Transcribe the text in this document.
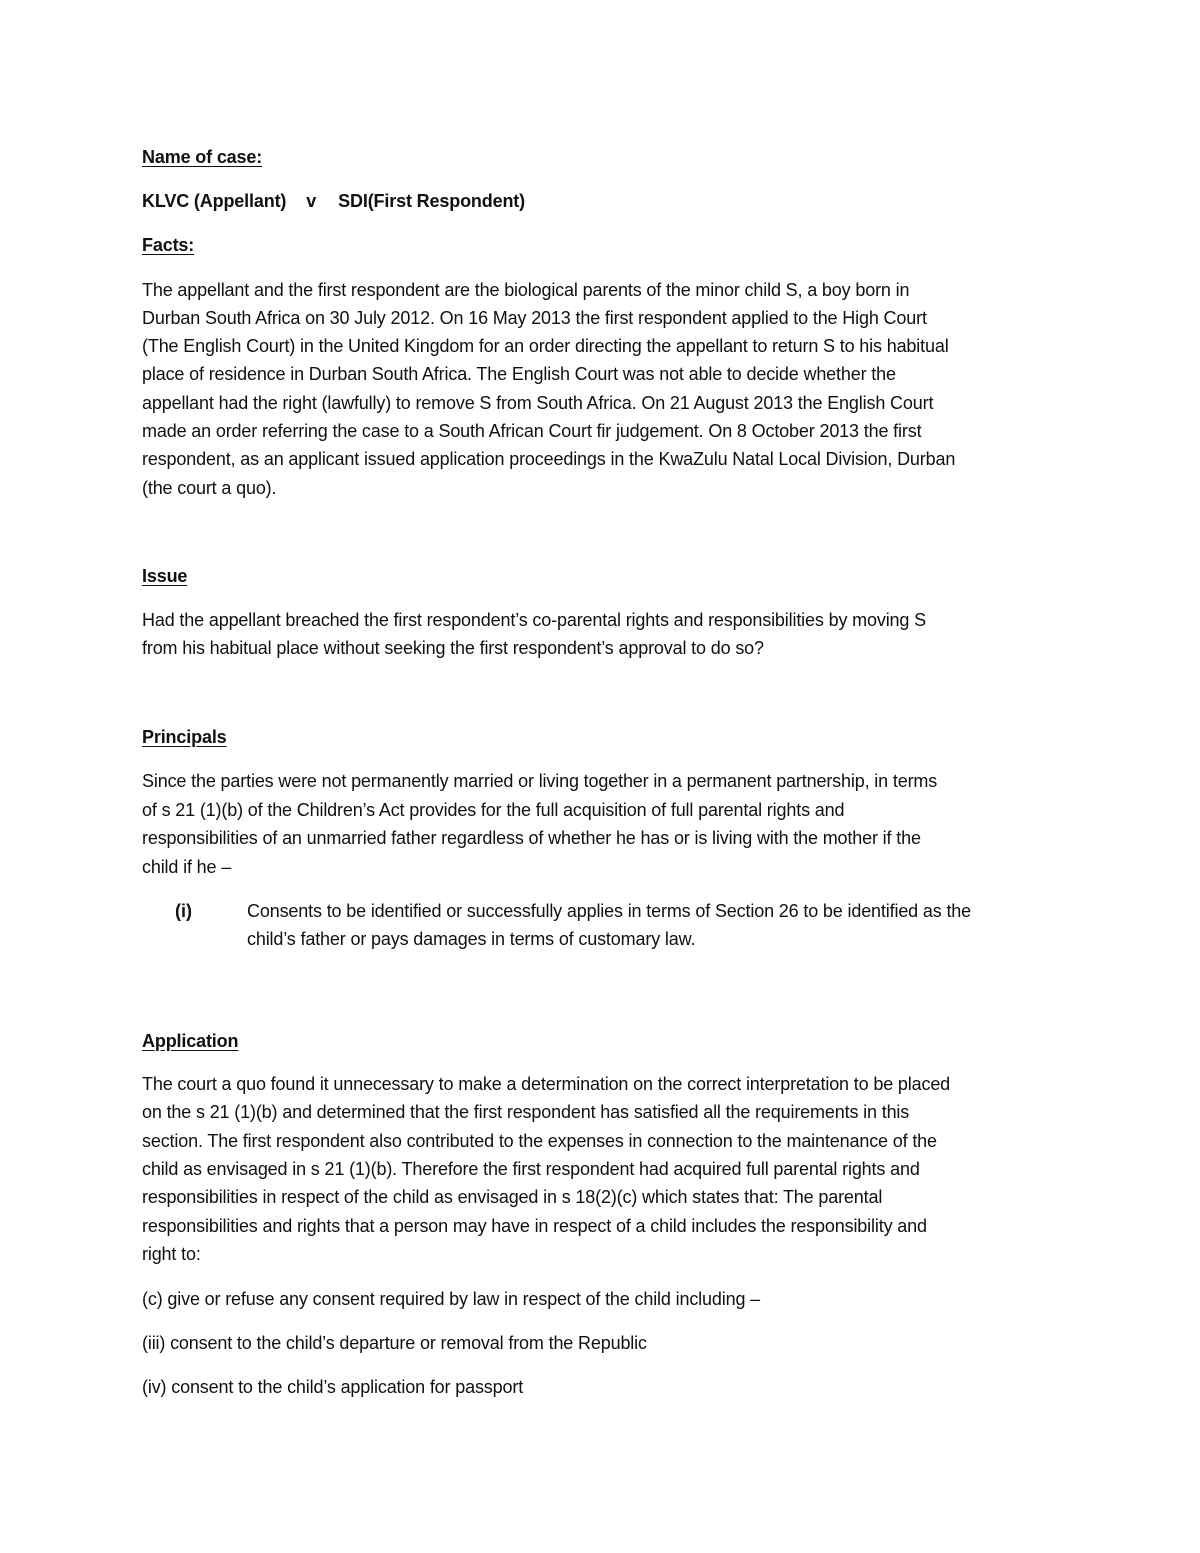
Name of case:

KLVC (Appellant) v SDI(First Respondent)

Facts:

The appellant and the first respondent are the biological parents of the minor child S, a boy born in

Durban South Africa on 30 July 2012. On 16 May 2013 the first respondent applied to the High Court

(The English Court) in the United Kingdom for an order directing the appellant to return S to his habitual

place of residence in Durban South Africa. The English Court was not able to decide whether the

appellant had the right (lawfully) to remove S from South Africa. On 21 August 2013 the English Court

made an order referring the case to a South African Court fir judgement. On 8 October 2013 the first

respondent, as an applicant issued application proceedings in the KwaZulu Natal Local Division, Durban

(the court a quo).

Issue

Had the appellant breached the first respondent’s co-parental rights and responsibilities by moving S

from his habitual place without seeking the first respondent’s approval to do so?

Principals

Since the parties were not permanently married or living together in a permanent partnership, in terms

of s 21 (1)(b) of the Children’s Act provides for the full acquisition of full parental rights and

responsibilities of an unmarried father regardless of whether he has or is living with the mother if the

child if he –

(i)	Consents to be identified or successfully applies in terms of Section 26 to be identified as the

child’s father or pays damages in terms of customary law.

Application

The court a quo found it unnecessary to make a determination on the correct interpretation to be placed

on the s 21 (1)(b) and determined that the first respondent has satisfied all the requirements in this

section. The first respondent also contributed to the expenses in connection to the maintenance of the

child as envisaged in s 21 (1)(b). Therefore the first respondent had acquired full parental rights and

responsibilities in respect of the child as envisaged in s 18(2)(c) which states that: The parental

responsibilities and rights that a person may have in respect of a child includes the responsibility and

right to:

(c) give or refuse any consent required by law in respect of the child including –

(iii) consent to the child’s departure or removal from the Republic

(iv) consent to the child’s application for passport
